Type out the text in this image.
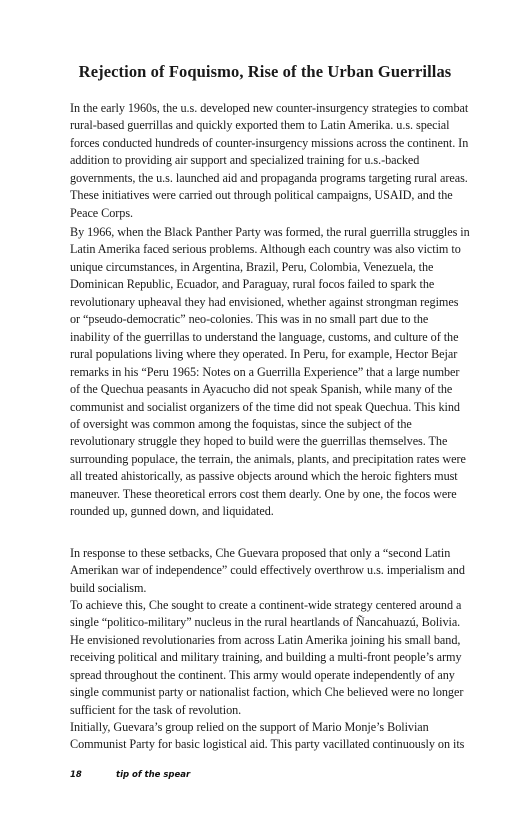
Rejection of Foquismo, Rise of the Urban Guerrillas

In the early 1960s, the u.s. developed new counter-insurgency strategies to combat rural-based guerrillas and quickly exported them to Latin Amerika. u.s. special forces conducted hundreds of counter-insurgency missions across the continent. In addition to providing air support and specialized training for u.s.-backed governments, the u.s. launched aid and propaganda programs targeting rural areas. These initiatives were carried out through political campaigns, USAID, and the Peace Corps.

By 1966, when the Black Panther Party was formed, the rural guerrilla struggles in Latin Amerika faced serious problems. Although each country was also victim to unique circumstances, in Argentina, Brazil, Peru, Colombia, Venezuela, the Dominican Republic, Ecuador, and Paraguay, rural focos failed to spark the revolutionary upheaval they had envisioned, whether against strongman regimes or “pseudo-democratic” neo-colonies. This was in no small part due to the inability of the guerrillas to understand the language, customs, and culture of the rural populations living where they operated. In Peru, for example, Hector Bejar remarks in his “Peru 1965: Notes on a Guerrilla Experience” that a large number of the Quechua peasants in Ayacucho did not speak Spanish, while many of the communist and socialist organizers of the time did not speak Quechua. This kind of oversight was common among the foquistas, since the subject of the revolutionary struggle they hoped to build were the guerrillas themselves. The surrounding populace, the terrain, the animals, plants, and precipitation rates were all treated ahistorically, as passive objects around which the heroic fighters must maneuver. These theoretical errors cost them dearly. One by one, the focos were rounded up, gunned down, and liquidated.

In response to these setbacks, Che Guevara proposed that only a “second Latin Amerikan war of independence” could effectively overthrow u.s. imperialism and build socialism.

To achieve this, Che sought to create a continent-wide strategy centered around a single “politico-military” nucleus in the rural heartlands of Ñancahuazú, Bolivia. He envisioned revolutionaries from across Latin Amerika joining his small band, receiving political and military training, and building a multi-front people’s army spread throughout the continent. This army would operate independently of any single communist party or nationalist faction, which Che believed were no longer sufficient for the task of revolution.

Initially, Guevara’s group relied on the support of Mario Monje’s Bolivian Communist Party for basic logistical aid. This party vacillated continuously on its

18	tip of the spear
